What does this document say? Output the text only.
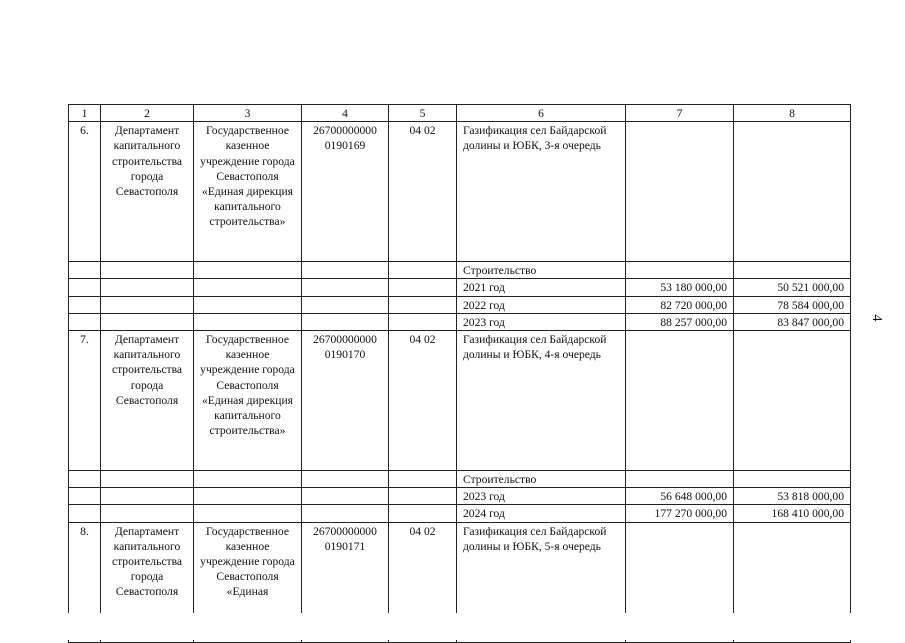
4
1	2	3	4	5	6	7	8
6.	Департамент капитального строительства города Севастополя	Государственное казенное учреждение города Севастополя «Единая дирекция капитального строительства»	26700000000 0190169	04 02	Газификация сел Байдарской долины и ЮБК, 3-я очередь		
					Строительство		
					2021 год	53 180 000,00	50 521 000,00
					2022 год	82 720 000,00	78 584 000,00
					2023 год	88 257 000,00	83 847 000,00
7.	Департамент капитального строительства города Севастополя	Государственное казенное учреждение города Севастополя «Единая дирекция капитального строительства»	26700000000 0190170	04 02	Газификация сел Байдарской долины и ЮБК, 4-я очередь		
					Строительство		
					2023 год	56 648 000,00	53 818 000,00
					2024 год	177 270 000,00	168 410 000,00
8.	Департамент капитального строительства города Севастополя	Государственное казенное учреждение города Севастополя «Единая	26700000000 0190171	04 02	Газификация сел Байдарской долины и ЮБК, 5-я очередь		
